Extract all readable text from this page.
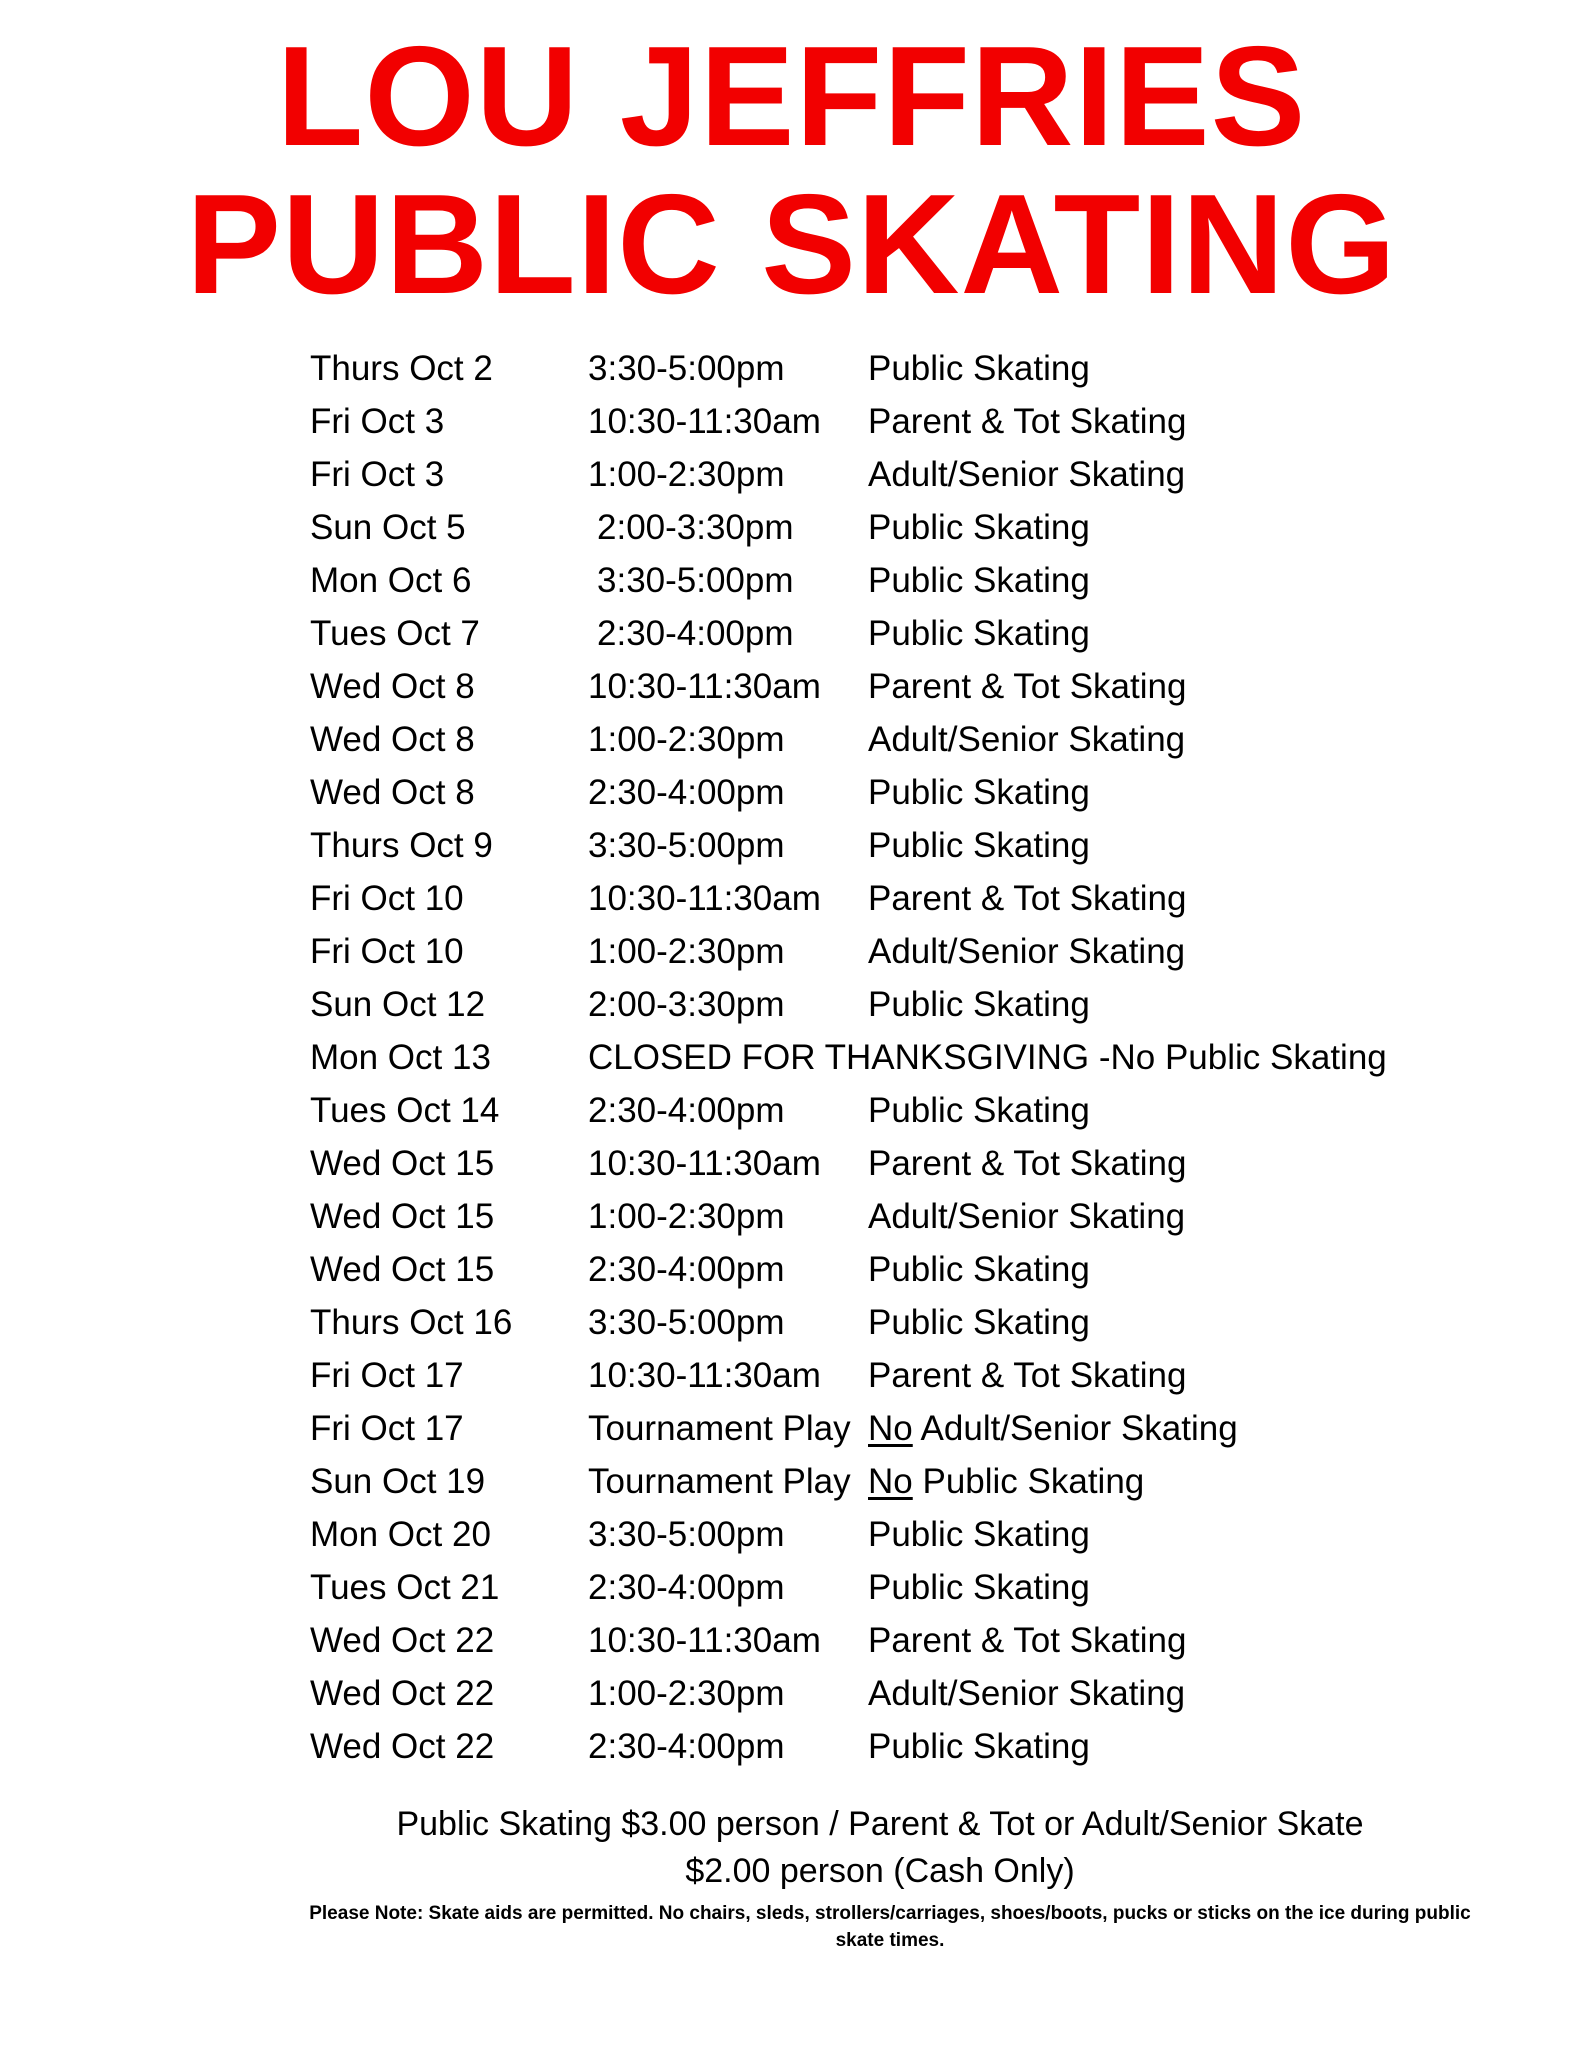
LOU JEFFRIES
PUBLIC SKATING
Thurs Oct 2	3:30-5:00pm Public Skating
Fri Oct 3	10:30-11:30am Parent & Tot Skating
Fri Oct 3	1:00-2:30pm Adult/Senior Skating
Sun Oct 5	2:00-3:30pm Public Skating
Mon Oct 6	3:30-5:00pm Public Skating
Tues Oct 7	2:30-4:00pm Public Skating
Wed Oct 8	10:30-11:30am Parent & Tot Skating
Wed Oct 8	1:00-2:30pm Adult/Senior Skating
Wed Oct 8	2:30-4:00pm Public Skating
Thurs Oct 9	3:30-5:00pm Public Skating
Fri Oct 10	10:30-11:30am Parent & Tot Skating
Fri Oct 10	1:00-2:30pm Adult/Senior Skating
Sun Oct 12	2:00-3:30pm Public Skating
Mon Oct 13	CLOSED FOR THANKSGIVING -No Public Skating
Tues Oct 14	2:30-4:00pm Public Skating
Wed Oct 15	10:30-11:30am Parent & Tot Skating
Wed Oct 15	1:00-2:30pm Adult/Senior Skating
Wed Oct 15	2:30-4:00pm Public Skating
Thurs Oct 16 3:30-5:00pm Public Skating
Fri Oct 17	10:30-11:30am Parent & Tot Skating
Fri Oct 17	Tournament Play No Adult/Senior Skating
Sun Oct 19	Tournament Play No Public Skating
Mon Oct 20	3:30-5:00pm Public Skating
Tues Oct 21	2:30-4:00pm Public Skating
Wed Oct 22	10:30-11:30am Parent & Tot Skating
Wed Oct 22	1:00-2:30pm Adult/Senior Skating
Wed Oct 22	2:30-4:00pm Public Skating
Public Skating $3.00 person / Parent & Tot or Adult/Senior Skate
$2.00 person (Cash Only)
Please Note: Skate aids are permitted. No chairs, sleds, strollers/carriages, shoes/boots, pucks or sticks on the ice during public skate times.
